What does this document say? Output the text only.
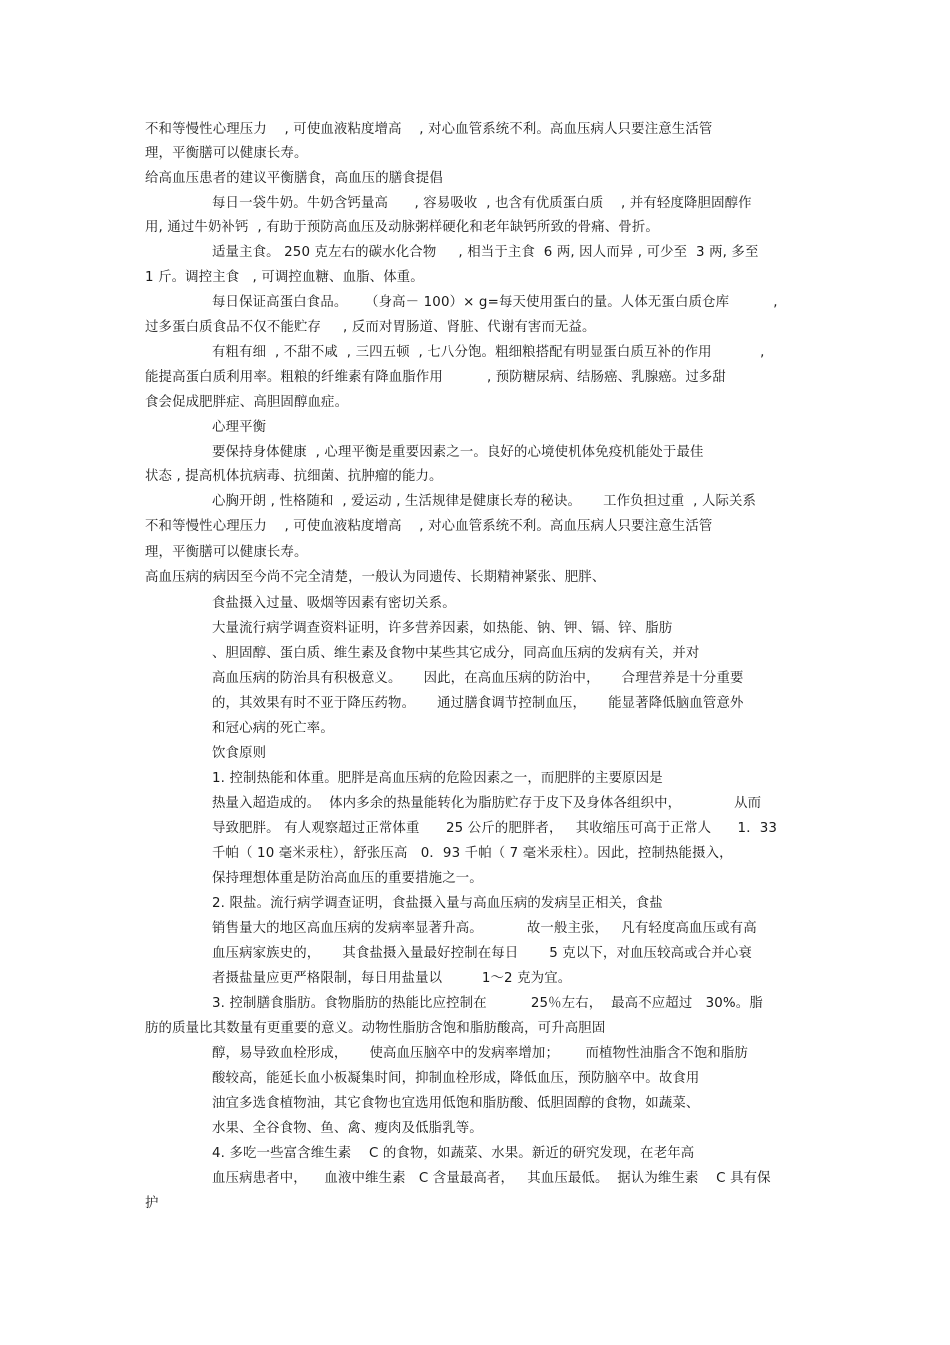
不和等慢性心理压力    , 可使血液粘度增高    , 对心血管系统不利。高血压病人只要注意生活管
理，平衡膳可以健康长寿。
给高血压患者的建议平衡膳食，高血压的膳食提倡
每日一袋牛奶。牛奶含钙量高      , 容易吸收  , 也含有优质蛋白质    , 并有轻度降胆固醇作
用, 通过牛奶补钙  , 有助于预防高血压及动脉粥样硬化和老年缺钙所致的骨痛、骨折。
适量主食。 250 克左右的碳水化合物     , 相当于主食  6 两, 因人而异 , 可少至  3 两, 多至
1 斤。调控主食   , 可调控血糖、血脂、体重。
每日保证高蛋白食品。    （身高－ 100）× g=每天使用蛋白的量。人体无蛋白质仓库          ,
过多蛋白质食品不仅不能贮存     , 反而对胃肠道、肾脏、代谢有害而无益。
有粗有细  , 不甜不咸  , 三四五顿  , 七八分饱。粗细粮搭配有明显蛋白质互补的作用           ,
能提高蛋白质利用率。粗粮的纤维素有降血脂作用          , 预防糖尿病、结肠癌、乳腺癌。过多甜
食会促成肥胖症、高胆固醇血症。
心理平衡
要保持身体健康  , 心理平衡是重要因素之一。良好的心境使机体免疫机能处于最佳
状态 , 提高机体抗病毒、抗细菌、抗肿瘤的能力。
心胸开朗 , 性格随和  , 爱运动 , 生活规律是健康长寿的秘诀。     工作负担过重  , 人际关系
不和等慢性心理压力    , 可使血液粘度增高    , 对心血管系统不利。高血压病人只要注意生活管
理，平衡膳可以健康长寿。
高血压病的病因至今尚不完全清楚，一般认为同遗传、长期精神紧张、肥胖、
食盐摄入过量、吸烟等因素有密切关系。
大量流行病学调查资料证明，许多营养因素，如热能、钠、钾、镉、锌、脂肪
、胆固醇、蛋白质、维生素及食物中某些其它成分，同高血压病的发病有关，并对
高血压病的防治具有积极意义。     因此，在高血压病的防治中，     合理营养是十分重要
的，其效果有时不亚于降压药物。     通过膳食调节控制血压，     能显著降低脑血管意外
和冠心病的死亡率。
饮食原则
1. 控制热能和体重。肥胖是高血压病的危险因素之一，而肥胖的主要原因是
热量入超造成的。  体内多余的热量能转化为脂肪贮存于皮下及身体各组织中，            从而
导致肥胖。 有人观察超过正常体重      25 公斤的肥胖者，   其收缩压可高于正常人      1．33
千帕（ 10 毫米汞柱），舒张压高   0．93 千帕（ 7 毫米汞柱）。因此，控制热能摄入，
保持理想体重是防治高血压的重要措施之一。
2. 限盐。流行病学调查证明，食盐摄入量与高血压病的发病呈正相关，食盐
销售量大的地区高血压病的发病率显著升高。          故一般主张，   凡有轻度高血压或有高
血压病家族史的，     其食盐摄入量最好控制在每日       5 克以下，对血压较高或合并心衰
者摄盐量应更严格限制，每日用盐量以         1～2 克为宜。
3. 控制膳食脂肪。食物脂肪的热能比应控制在          25％左右，  最高不应超过   30%。脂
肪的质量比其数量有更重要的意义。动物性脂肪含饱和脂肪酸高，可升高胆固
醇，易导致血栓形成，     使高血压脑卒中的发病率增加；      而植物性油脂含不饱和脂肪
酸较高，能延长血小板凝集时间，抑制血栓形成，降低血压，预防脑卒中。故食用
油宜多选食植物油，其它食物也宜选用低饱和脂肪酸、低胆固醇的食物，如蔬菜、
水果、全谷食物、鱼、禽、瘦肉及低脂乳等。
4. 多吃一些富含维生素    C 的食物，如蔬菜、水果。新近的研究发现，在老年高
血压病患者中，    血液中维生素   C 含量最高者，   其血压最低。  据认为维生素    C 具有保
护
